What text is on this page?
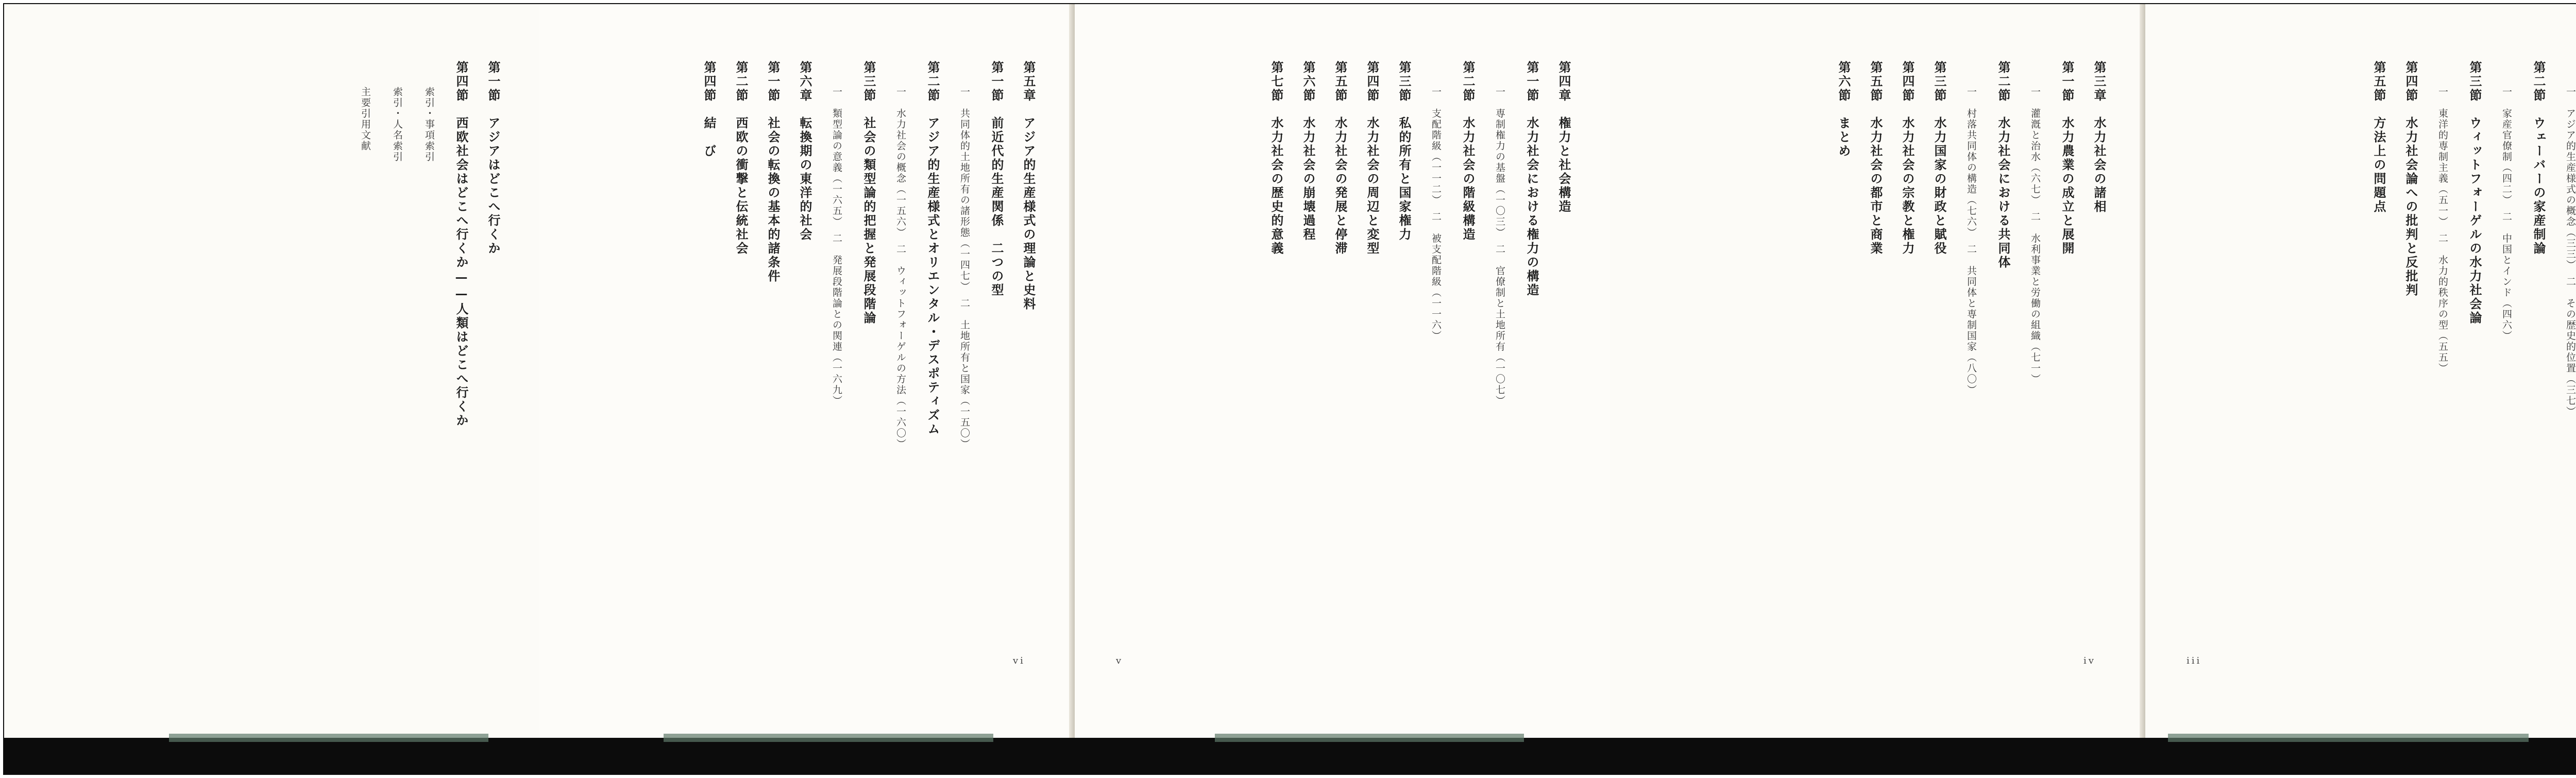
第一節　アジアはどこへ行くか
第四節　西欧社会はどこへ行くか——人類はどこへ行くか
索引・事項索引
索引・人名索引
主要引用文献	第五章　アジア的生産様式の理論と史料
第一節　前近代的生産関係　二つの型
一　共同体的土地所有の諸形態（一四七）　二　土地所有と国家（一五〇）
第二節　アジア的生産様式とオリエンタル・デスポティズム
一　水力社会の概念（一五六）　二　ウィットフォーゲルの方法（一六〇）
第三節　社会の類型論的把握と発展段階論
一　類型論の意義（一六五）　二　発展段階論との関連（一六九）
第六章　転換期の東洋的社会
第一節　社会の転換の基本的諸条件
第二節　西欧の衝撃と伝統社会
第四節　結　び
vi
第四章　権力と社会構造
第一節　水力社会における権力の構造
一　専制権力の基盤（一〇三）　二　官僚制と土地所有（一〇七）
第二節　水力社会の階級構造
一　支配階級（一一二）　二　被支配階級（一一六）
第三節　私的所有と国家権力
第四節　水力社会の周辺と変型
第五節　水力社会の発展と停滞
第六節　水力社会の崩壊過程
第七節　水力社会の歴史的意義
v
第三章　水力社会の諸相
第一節　水力農業の成立と展開
一　灌漑と治水（六七）　二　水利事業と労働の組織（七一）
第二節　水力社会における共同体
一　村落共同体の構造（七六）　二　共同体と専制国家（八〇）
第三節　水力国家の財政と賦役
第四節　水力社会の宗教と権力
第五節　水力社会の都市と商業
第六節　まとめ
iv
一　アジア的生産様式の概念（三三）　二　その歴史的位置（三七）
第二節　ウェーバーの家産制論
一　家産官僚制（四二）　二　中国とインド（四六）
第三節　ウィットフォーゲルの水力社会論
一　東洋的専制主義（五一）　二　水力的秩序の型（五五）
第四節　水力社会論への批判と反批判
第五節　方法上の問題点
iii
